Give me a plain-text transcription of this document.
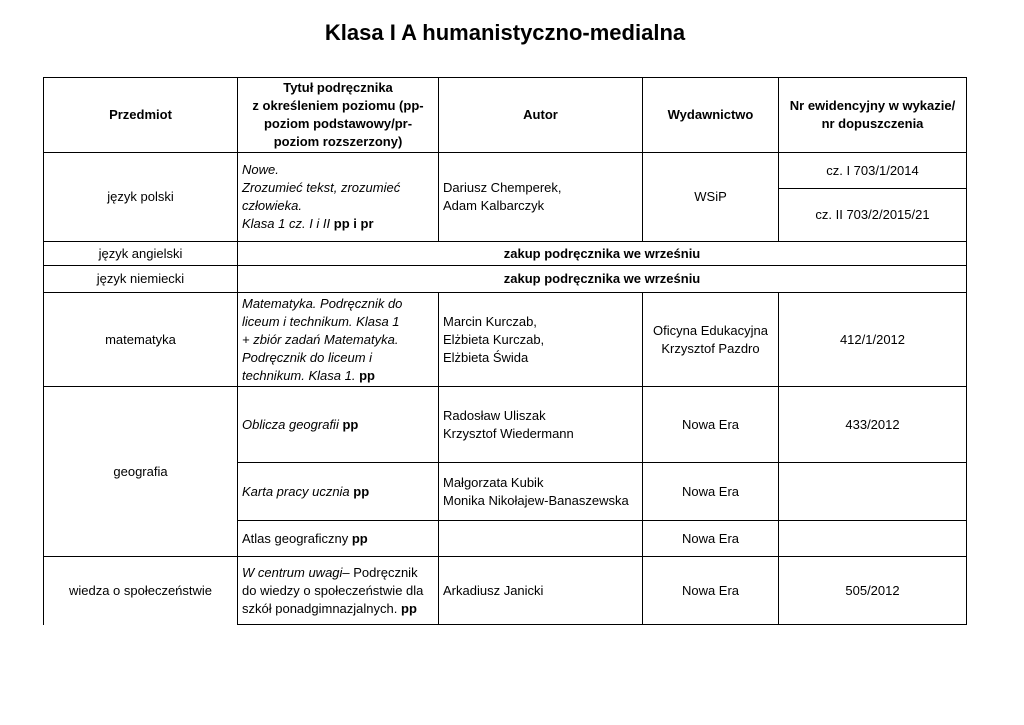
Klasa I A humanistyczno-medialna
Przedmiot	Tytuł podręcznika
z określeniem poziomu (pp-
poziom podstawowy/pr-
poziom rozszerzony)	Autor	Wydawnictwo	Nr ewidencyjny w wykazie/
nr dopuszczenia
język polski	Nowe.
Zrozumieć tekst, zrozumieć
człowieka.
Klasa 1 cz. I i II pp i pr	Dariusz Chemperek,
Adam Kalbarczyk	WSiP	cz. I 703/1/2014
				cz. II 703/2/2015/21
język angielski	zakup podręcznika we wrześniu			
język niemiecki	zakup podręcznika we wrześniu			
matematyka	Matematyka. Podręcznik do
liceum i technikum. Klasa 1
+ zbiór zadań Matematyka.
Podręcznik do liceum i
technikum. Klasa 1. pp	Marcin Kurczab,
Elżbieta Kurczab,
Elżbieta Świda	Oficyna Edukacyjna
Krzysztof Pazdro	412/1/2012
geografia	Oblicza geografii pp	Radosław Uliszak
Krzysztof Wiedermann	Nowa Era	433/2012
	Karta pracy ucznia pp	Małgorzata Kubik
Monika Nikołajew-Banaszewska	Nowa Era	
	Atlas geograficzny pp		Nowa Era	
wiedza o społeczeństwie	W centrum uwagi– Podręcznik
do wiedzy o społeczeństwie dla
szkół ponadgimnazjalnych. pp	Arkadiusz Janicki	Nowa Era	505/2012
